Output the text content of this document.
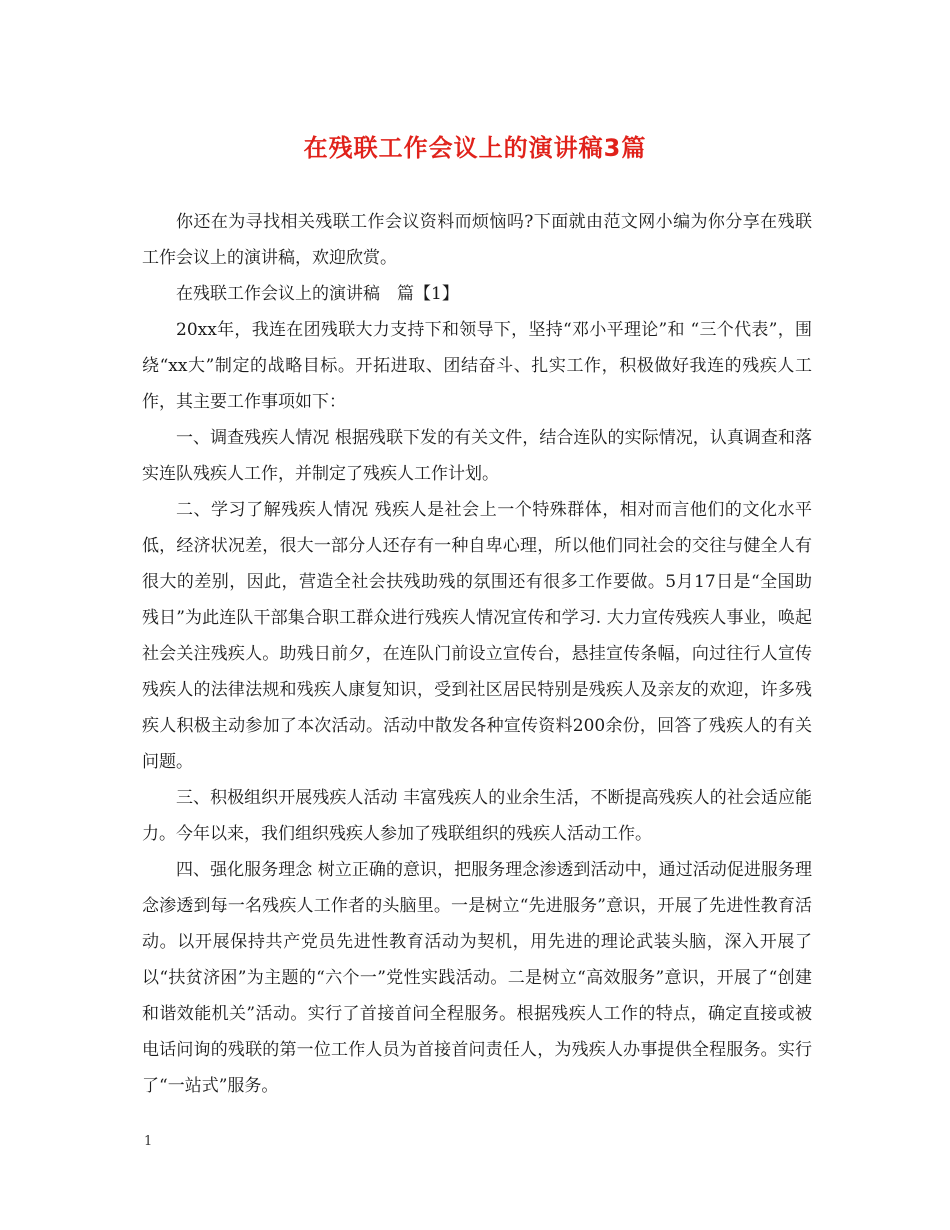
在残联工作会议上的演讲稿3篇

你还在为寻找相关残联工作会议资料而烦恼吗?下面就由范文网小编为你分享在残联工作会议上的演讲稿，欢迎欣赏。

在残联工作会议上的演讲稿　篇【1】

20xx年，我连在团残联大力支持下和领导下，坚持“邓小平理论”和 “三个代表”，围绕“xx大”制定的战略目标。开拓进取、团结奋斗、扎实工作，积极做好我连的残疾人工作，其主要工作事项如下：

一、调查残疾人情况 根据残联下发的有关文件，结合连队的实际情况，认真调查和落实连队残疾人工作，并制定了残疾人工作计划。

二、学习了解残疾人情况 残疾人是社会上一个特殊群体，相对而言他们的文化水平低，经济状况差，很大一部分人还存有一种自卑心理，所以他们同社会的交往与健全人有很大的差别，因此，营造全社会扶残助残的氛围还有很多工作要做。5月17日是“全国助残日”为此连队干部集合职工群众进行残疾人情况宣传和学习. 大力宣传残疾人事业，唤起社会关注残疾人。助残日前夕，在连队门前设立宣传台，悬挂宣传条幅，向过往行人宣传残疾人的法律法规和残疾人康复知识，受到社区居民特别是残疾人及亲友的欢迎，许多残疾人积极主动参加了本次活动。活动中散发各种宣传资料200余份，回答了残疾人的有关问题。

三、积极组织开展残疾人活动 丰富残疾人的业余生活，不断提高残疾人的社会适应能力。今年以来，我们组织残疾人参加了残联组织的残疾人活动工作。

四、强化服务理念 树立正确的意识，把服务理念渗透到活动中，通过活动促进服务理念渗透到每一名残疾人工作者的头脑里。一是树立“先进服务”意识，开展了先进性教育活动。以开展保持共产党员先进性教育活动为契机，用先进的理论武装头脑，深入开展了以“扶贫济困”为主题的“六个一”党性实践活动。二是树立“高效服务”意识，开展了“创建和谐效能机关”活动。实行了首接首问全程服务。根据残疾人工作的特点，确定直接或被电话问询的残联的第一位工作人员为首接首问责任人，为残疾人办事提供全程服务。实行了“一站式”服务。

1
